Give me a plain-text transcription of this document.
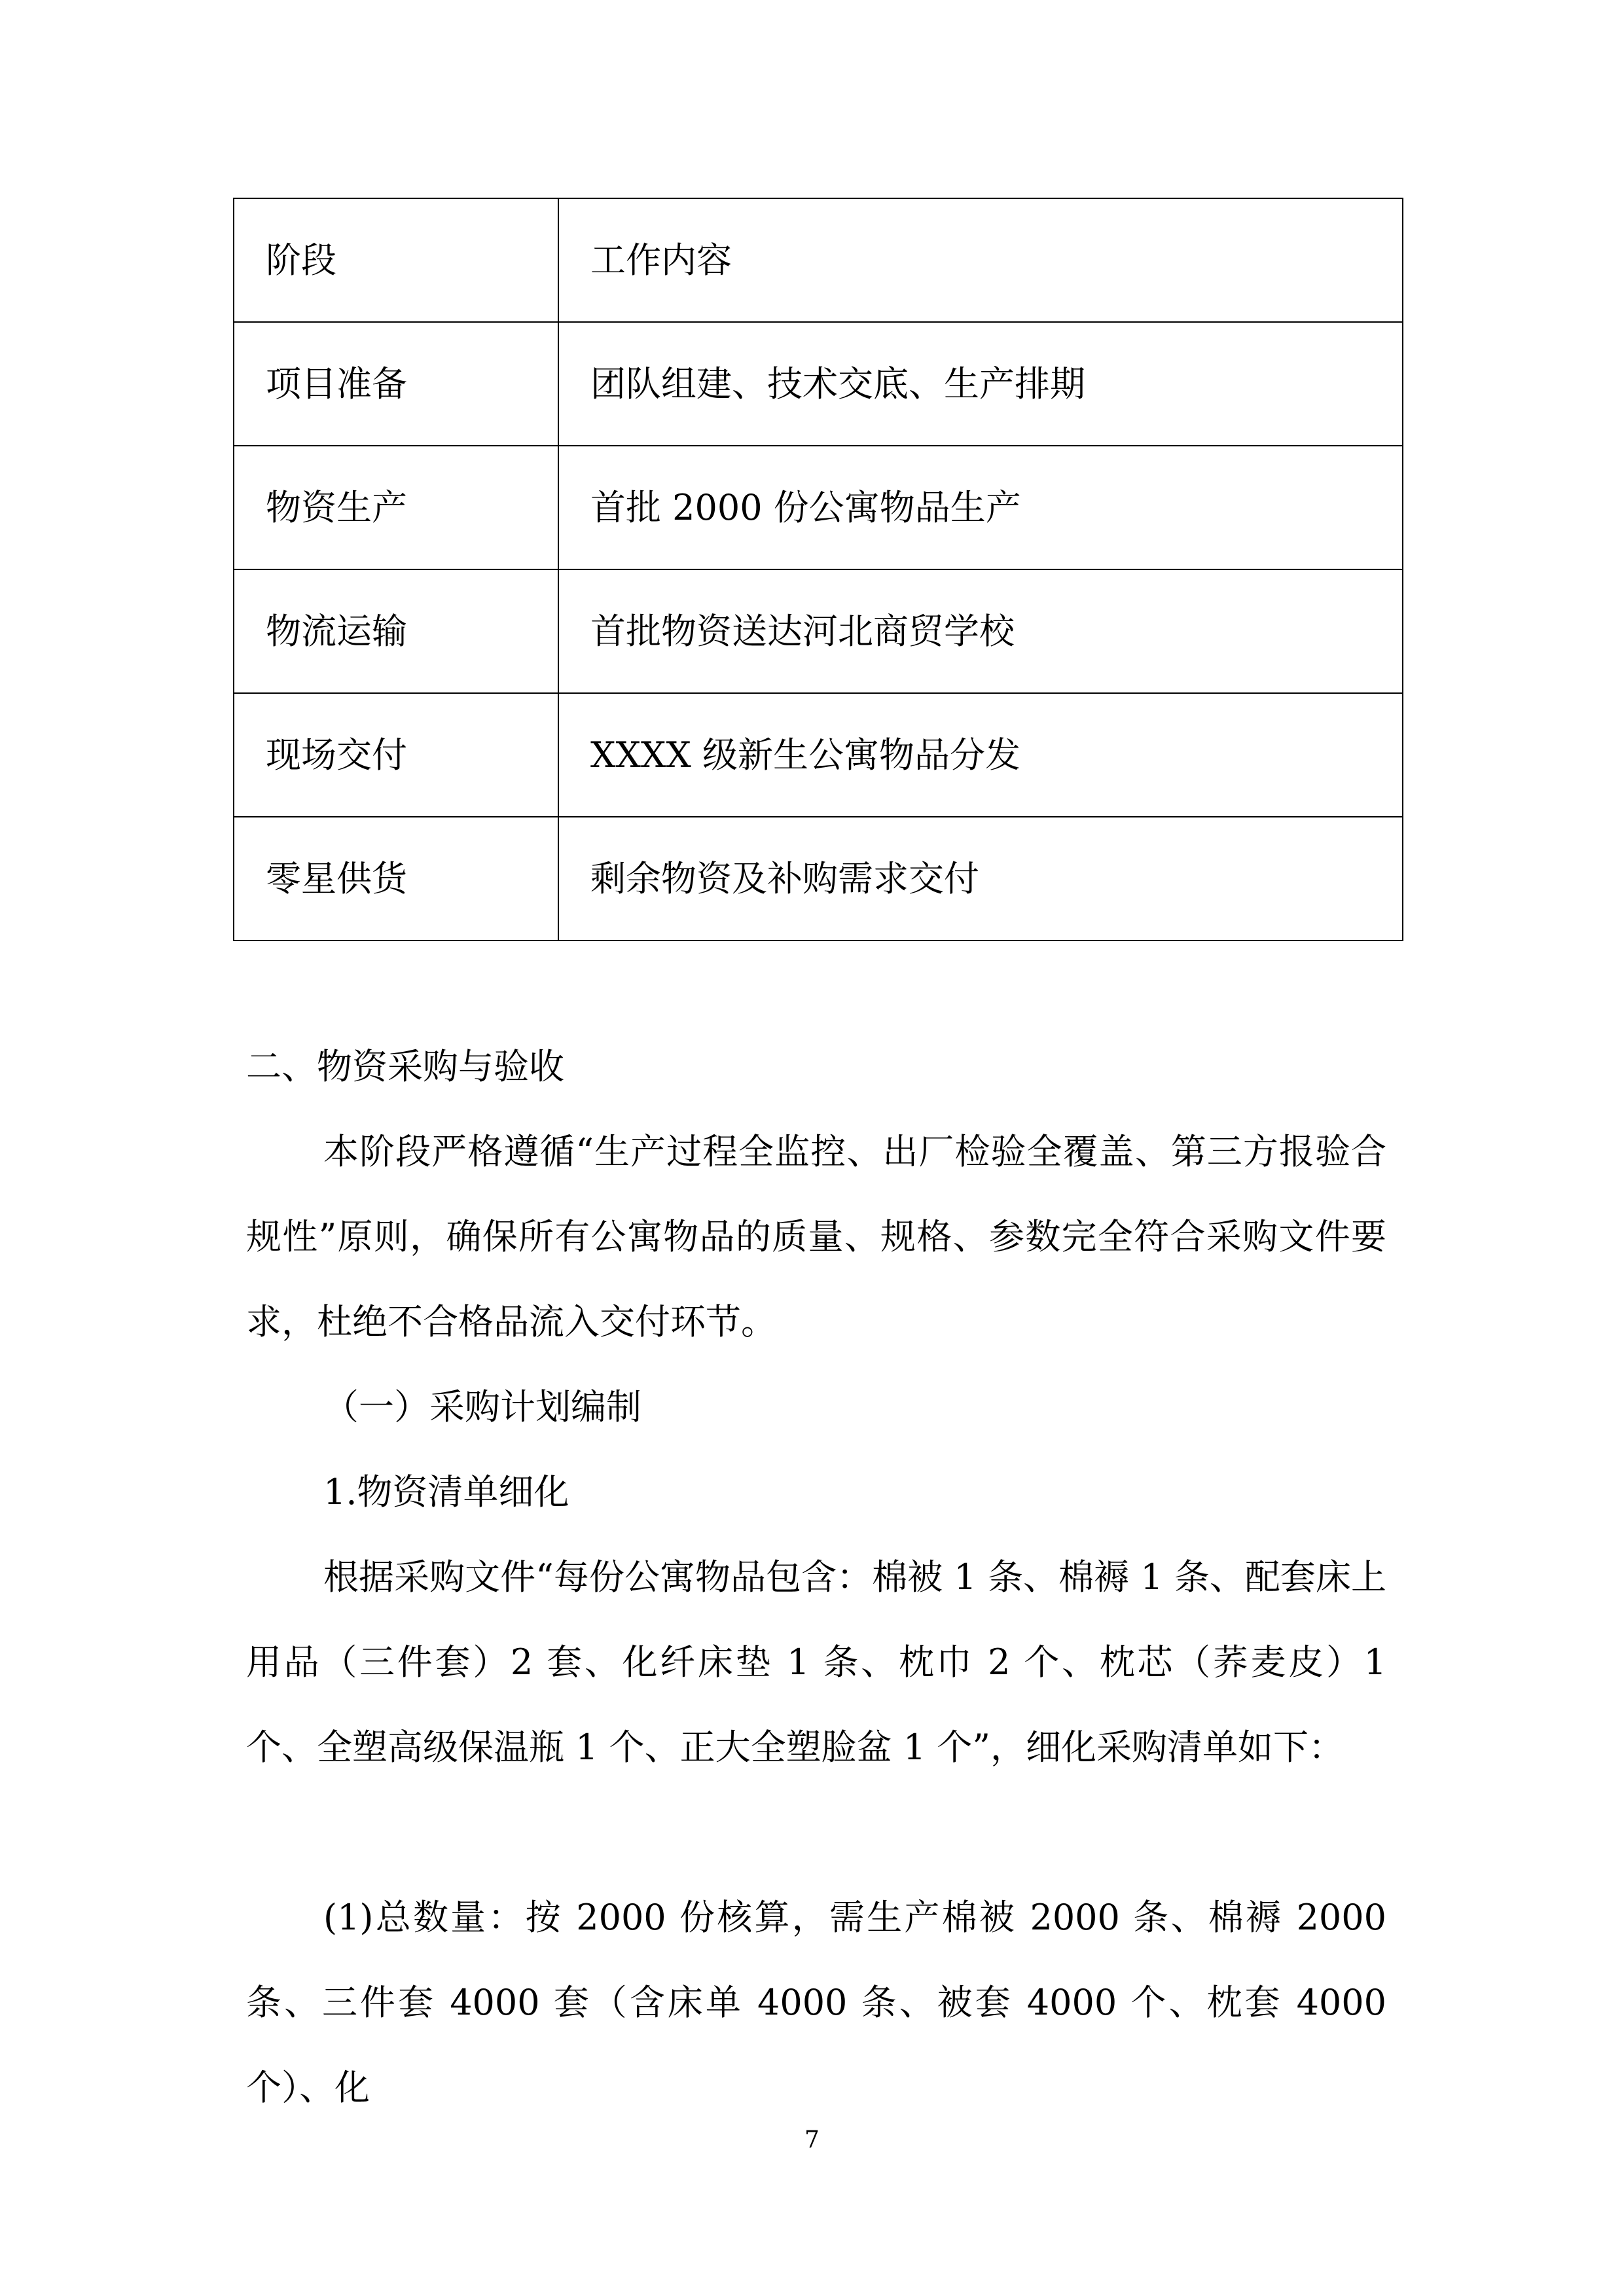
阶段	工作内容
项目准备	团队组建、技术交底、生产排期
物资生产	首批 2000 份公寓物品生产
物流运输	首批物资送达河北商贸学校
现场交付	XXXX 级新生公寓物品分发
零星供货	剩余物资及补购需求交付

二、物资采购与验收

本阶段严格遵循“生产过程全监控、出厂检验全覆盖、第三方报验合规性”原则，确保所有公寓物品的质量、规格、参数完全符合采购文件要求，杜绝不合格品流入交付环节。

（一）采购计划编制

1.物资清单细化

根据采购文件“每份公寓物品包含：棉被 1 条、棉褥 1 条、配套床上用品（三件套）2 套、化纤床垫 1 条、枕巾 2 个、枕芯（荞麦皮）1 个、全塑高级保温瓶 1 个、正大全塑脸盆 1 个”，细化采购清单如下：

(1)总数量：按 2000 份核算，需生产棉被 2000 条、棉褥 2000 条、三件套 4000 套（含床单 4000 条、被套 4000 个、枕套 4000 个）、化

7
